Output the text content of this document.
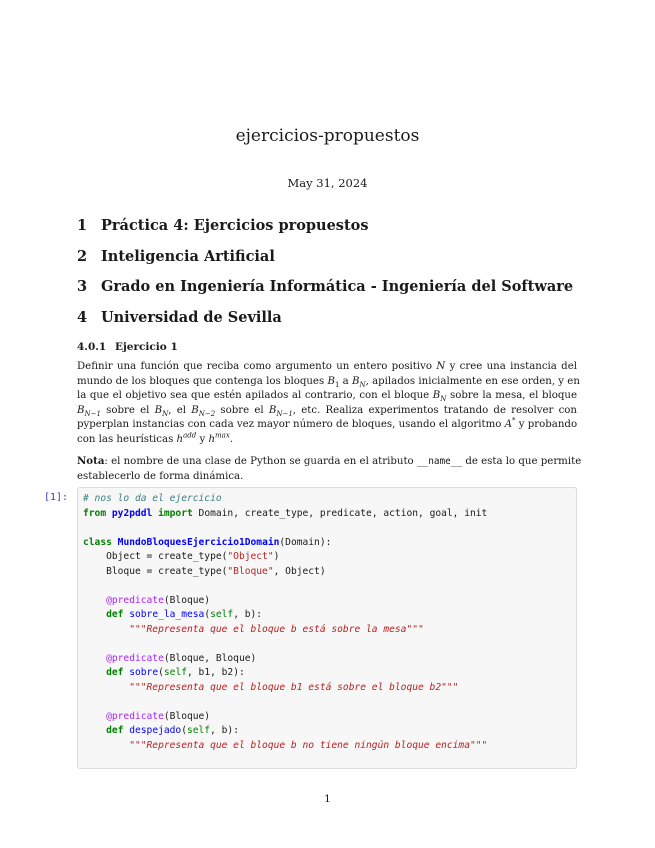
ejercicios-propuestos
May 31, 2024
1 Práctica 4: Ejercicios propuestos
2 Inteligencia Artificial
3 Grado en Ingeniería Informática - Ingeniería del Software
4 Universidad de Sevilla
4.0.1 Ejercicio 1
Definir una función que reciba como argumento un entero positivo N y cree una instancia del
mundo de los bloques que contenga los bloques $B_1$ a $B_N$, apilados inicialmente en ese orden, y en
la que el objetivo sea que estén apilados al contrario, con el bloque $B_N$ sobre la mesa, el bloque
$B_{N-1}$ sobre el $B_N$, el $B_{N-2}$ sobre el $B_{N-1}$, etc. Realiza experimentos tratando de resolver con
pyperplan instancias con cada vez mayor número de bloques, usando el algoritmo A* y probando
con las heurísticas $h^{add}$ y $h^{max}$.
Nota: el nombre de una clase de Python se guarda en el atributo __name__ de esta lo que permite
establecerlo de forma dinámica.
[1]: # nos lo da el ejercicio
from py2pddl import Domain, create_type, predicate, action, goal, init
class MundoBloquesEjercicio1Domain(Domain):
Object = create_type("Object")
Bloque = create_type("Bloque", Object)
@predicate(Bloque)
def sobre_la_mesa(self, b):
"""Representa que el bloque b está sobre la mesa"""
@predicate(Bloque, Bloque)
def sobre(self, b1, b2):
"""Representa que el bloque b1 está sobre el bloque b2"""
@predicate(Bloque)
def despejado(self, b):
"""Representa que el bloque b no tiene ningún bloque encima"""
1
